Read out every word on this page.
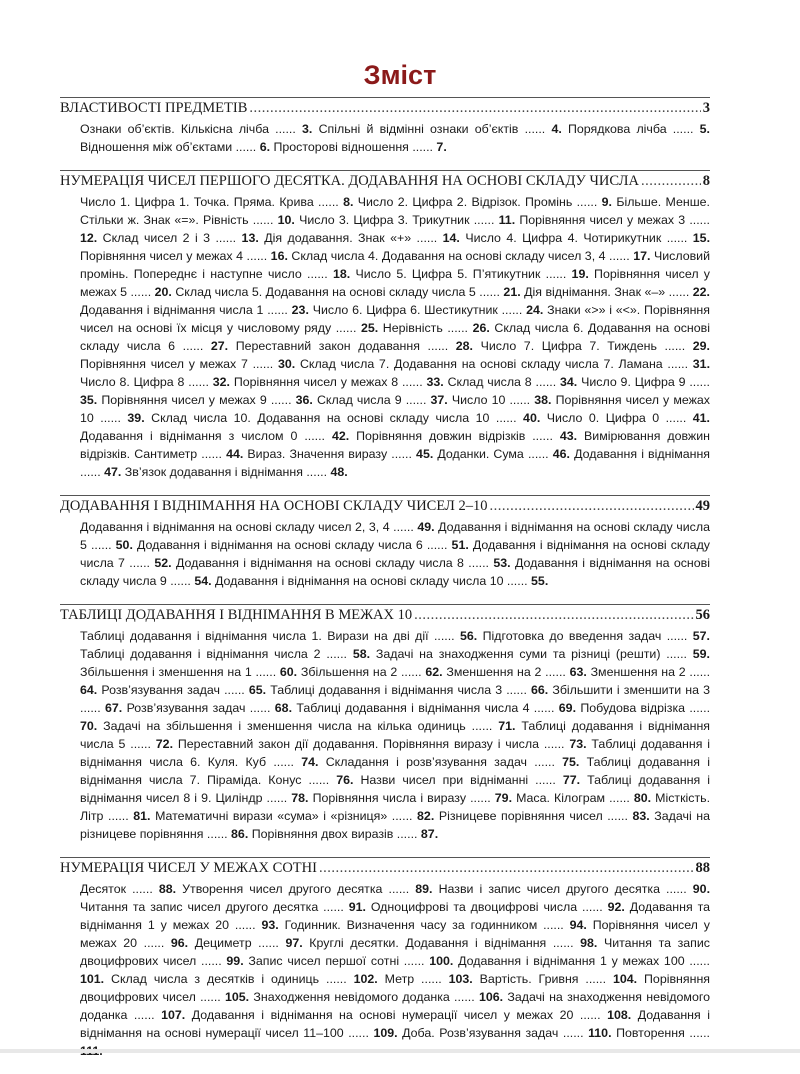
Зміст
ВЛАСТИВОСТІ ПРЕДМЕТІВ .....	3
Ознаки об’єктів. Кількісна лічба ...... 3. Спільні й відмінні ознаки об’єктів ...... 4. Порядкова лічба ...... 5. Відношення між об’єктами ...... 6. Просторові відношення ...... 7.
НУМЕРАЦІЯ ЧИСЕЛ ПЕРШОГО ДЕСЯТКА. ДОДАВАННЯ НА ОСНОВІ СКЛАДУ ЧИСЛА .....	8
Число 1. Цифра 1. Точка. Пряма. Крива ...... 8. Число 2. Цифра 2. Відрізок. Промінь ...... 9. Більше. Менше. Стільки ж. Знак «=». Рівність ...... 10. Число 3. Цифра 3. Трикутник ...... 11. Порівняння чисел у межах 3 ...... 12. Склад чисел 2 і 3 ...... 13. Дія додавання. Знак «+» ...... 14. Число 4. Цифра 4. Чотирикутник ...... 15. Порівняння чисел у межах 4 ...... 16. Склад числа 4. Додавання на основі складу чисел 3, 4 ...... 17. Числовий промінь. Попереднє і наступне число ...... 18. Число 5. Цифра 5. П’ятикутник ...... 19. Порівняння чисел у межах 5 ...... 20. Склад числа 5. Додавання на основі складу числа 5 ...... 21. Дія віднімання. Знак «–» ...... 22. Додавання і віднімання числа 1 ...... 23. Число 6. Цифра 6. Шестикутник ...... 24. Знаки «>» і «<». Порівняння чисел на основі їх місця у числовому ряду ...... 25. Нерівність ...... 26. Склад числа 6. Додавання на основі складу числа 6 ...... 27. Переставний закон додавання ...... 28. Число 7. Цифра 7. Тиждень ...... 29. Порівняння чисел у межах 7 ...... 30. Склад числа 7. Додавання на основі складу числа 7. Ламана ...... 31. Число 8. Цифра 8 ...... 32. Порівняння чисел у межах 8 ...... 33. Склад числа 8 ...... 34. Число 9. Цифра 9 ...... 35. Порівняння чисел у межах 9 ...... 36. Склад числа 9 ...... 37. Число 10 ...... 38. Порівняння чисел у межах 10 ...... 39. Склад числа 10. Додавання на основі складу числа 10 ...... 40. Число 0. Цифра 0 ...... 41. Додавання і віднімання з числом 0 ...... 42. Порівняння довжин відрізків ...... 43. Вимірювання довжин відрізків. Сантиметр ...... 44. Вираз. Значення виразу ...... 45. Доданки. Сума ...... 46. Додавання і віднімання ...... 47. Зв’язок додавання і віднімання ...... 48.
ДОДАВАННЯ І ВІДНІМАННЯ НА ОСНОВІ СКЛАДУ ЧИСЕЛ 2–10 .....	49
Додавання і віднімання на основі складу чисел 2, 3, 4 ...... 49. Додавання і віднімання на основі складу числа 5 ...... 50. Додавання і віднімання на основі складу числа 6 ...... 51. Додавання і віднімання на основі складу числа 7 ...... 52. Додавання і віднімання на основі складу числа 8 ...... 53. Додавання і віднімання на основі складу числа 9 ...... 54. Додавання і віднімання на основі складу числа 10 ...... 55.
ТАБЛИЦІ ДОДАВАННЯ І ВІДНІМАННЯ В МЕЖАХ 10 .....	56
Таблиці додавання і віднімання числа 1. Вирази на дві дії ...... 56. Підготовка до введення задач ...... 57. Таблиці додавання і віднімання числа 2 ...... 58. Задачі на знаходження суми та різниці (решти) ...... 59. Збільшення і зменшення на 1 ...... 60. Збільшення на 2 ...... 62. Зменшення на 2 ...... 63. Зменшення на 2 ...... 64. Розв’язування задач ...... 65. Таблиці додавання і віднімання числа 3 ...... 66. Збільшити і зменшити на 3 ...... 67. Розв’язування задач ...... 68. Таблиці додавання і віднімання числа 4 ...... 69. Побудова відрізка ...... 70. Задачі на збільшення і зменшення числа на кілька одиниць ...... 71. Таблиці додавання і віднімання числа 5 ...... 72. Переставний закон дії додавання. Порівняння виразу і числа ...... 73. Таблиці додавання і віднімання числа 6. Куля. Куб ...... 74. Складання і розв’язування задач ...... 75. Таблиці додавання і віднімання числа 7. Піраміда. Конус ...... 76. Назви чисел при відніманні ...... 77. Таблиці додавання і віднімання чисел 8 і 9. Циліндр ...... 78. Порівняння числа і виразу ...... 79. Маса. Кілограм ...... 80. Місткість. Літр ...... 81. Математичні вирази «сума» і «різниця» ...... 82. Різницеве порівняння чисел ...... 83. Задачі на різницеве порівняння ...... 86. Порівняння двох виразів ...... 87.
НУМЕРАЦІЯ ЧИСЕЛ У МЕЖАХ СОТНІ .....	88
Десяток ...... 88. Утворення чисел другого десятка ...... 89. Назви і запис чисел другого десятка ...... 90. Читання та запис чисел другого десятка ...... 91. Одноцифрові та двоцифрові числа ...... 92. Додавання та віднімання 1 у межах 20 ...... 93. Годинник. Визначення часу за годинником ...... 94. Порівняння чисел у межах 20 ...... 96. Дециметр ...... 97. Круглі десятки. Додавання і віднімання ...... 98. Читання та запис двоцифрових чисел ...... 99. Запис чисел першої сотні ...... 100. Додавання і віднімання 1 у межах 100 ...... 101. Склад числа з десятків і одиниць ...... 102. Метр ...... 103. Вартість. Гривня ...... 104. Порівняння двоцифрових чисел ...... 105. Знаходження невідомого доданка ...... 106. Задачі на знаходження невідомого доданка ...... 107. Додавання і віднімання на основі нумерації чисел у межах 20 ...... 108. Додавання і віднімання на основі нумерації чисел 11–100 ...... 109. Доба. Розв’язування задач ...... 110. Повторення ......
